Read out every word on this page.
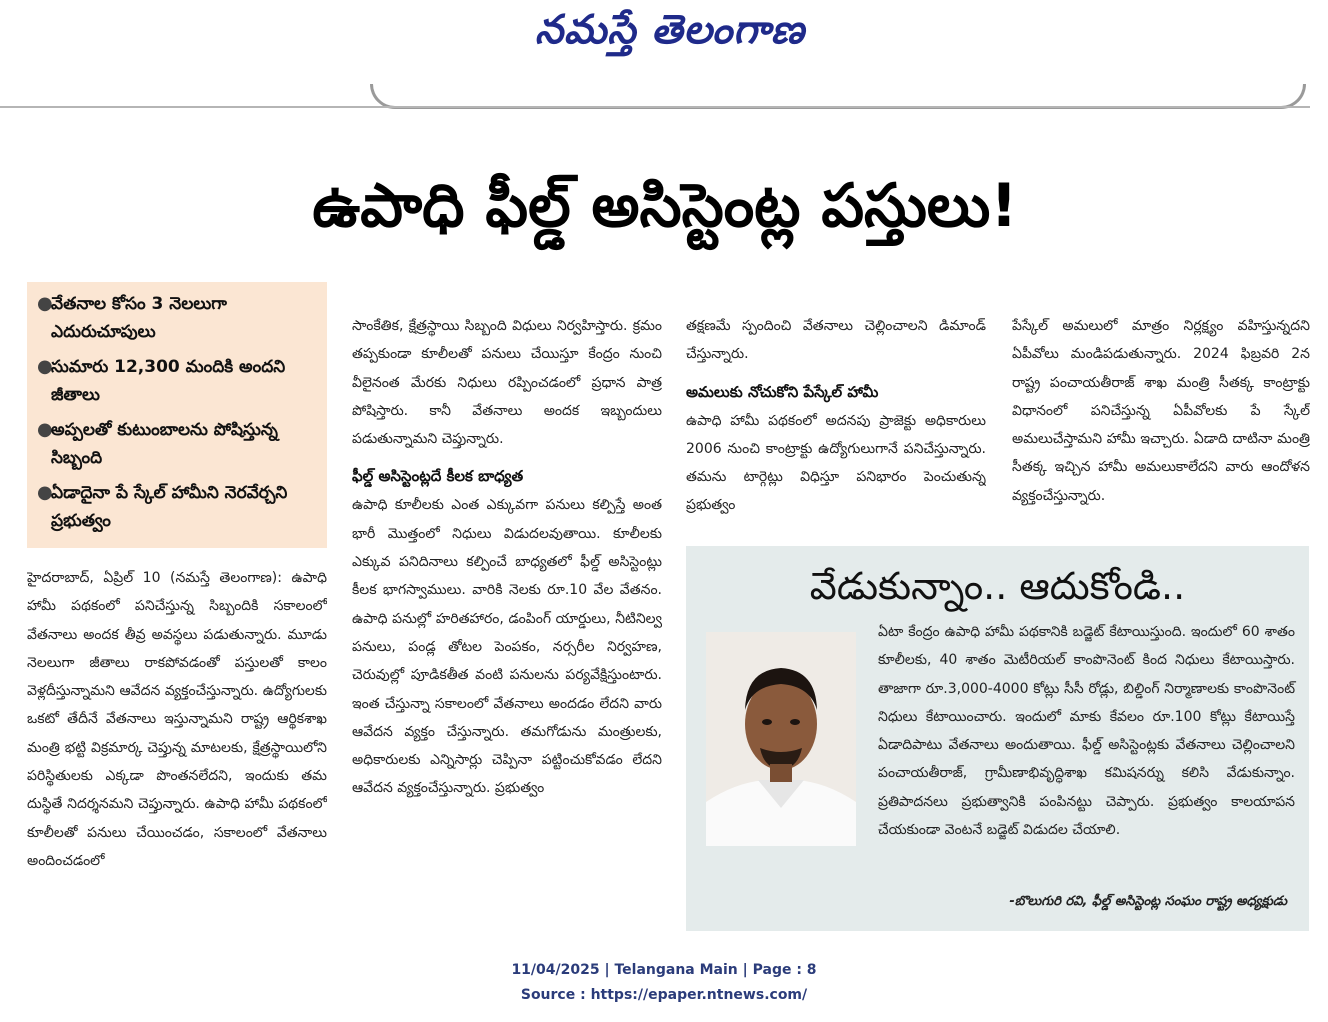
నమస్తే తెలంగాణ
ఉపాధి ఫీల్డ్ అసిస్టెంట్ల పస్తులు!
●
వేతనాల కోసం 3 నెలలుగా ఎదురుచూపులు
●
సుమారు 12,300 మందికి అందని జీతాలు
●
అప్పలతో కుటుంబాలను పోషిస్తున్న సిబ్బంది
●
ఏడాదైనా పే స్కేల్ హామీని నెరవేర్చని ప్రభుత్వం

హైదరాబాద్, ఏప్రిల్ 10 (నమస్తే తెలంగాణ): ఉపాధి హామీ పథకంలో పనిచేస్తున్న సిబ్బందికి సకాలంలో వేతనాలు అందక తీవ్ర అవస్థలు పడుతున్నారు. మూడు నెలలుగా జీతాలు రాకపోవడంతో పస్తులతో కాలం వెళ్లదీస్తున్నామని ఆవేదన వ్యక్తంచేస్తున్నారు. ఉద్యోగులకు ఒకటో తేదీనే వేతనాలు ఇస్తున్నామని రాష్ట్ర ఆర్థికశాఖ మంత్రి భట్టి విక్రమార్క చెప్తున్న మాటలకు, క్షేత్రస్థాయిలోని పరిస్థితులకు ఎక్కడా పొంతనలేదని, ఇందుకు తమ దుస్థితే నిదర్శనమని చెప్తున్నారు. ఉపాధి హామీ పథకంలో కూలీలతో పనులు చేయించడం, సకాలంలో వేతనాలు అందించడంలో

సాంకేతిక, క్షేత్రస్థాయి సిబ్బంది విధులు నిర్వహిస్తారు. క్రమం తప్పకుండా కూలీలతో పనులు చేయిస్తూ కేంద్రం నుంచి వీలైనంత మేరకు నిధులు రప్పించడంలో ప్రధాన పాత్ర పోషిస్తారు. కానీ వేతనాలు అందక ఇబ్బందులు పడుతున్నామని చెప్తున్నారు.

ఫీల్డ్ అసిస్టెంట్లదే కీలక బాధ్యత

ఉపాధి కూలీలకు ఎంత ఎక్కువగా పనులు కల్పిస్తే అంత భారీ మొత్తంలో నిధులు విడుదలవుతాయి. కూలీలకు ఎక్కువ పనిదినాలు కల్పించే బాధ్యతలో ఫీల్డ్ అసిస్టెంట్లు కీలక భాగస్వాములు. వారికి నెలకు రూ.10 వేల వేతనం. ఉపాధి పనుల్లో హరితహారం, డంపింగ్ యార్డులు, నీటినిల్వ పనులు, పండ్ల తోటల పెంపకం, నర్సరీల నిర్వహణ, చెరువుల్లో పూడికతీత వంటి పనులను పర్యవేక్షిస్తుంటారు. ఇంత చేస్తున్నా సకాలంలో వేతనాలు అందడం లేదని వారు ఆవేదన వ్యక్తం చేస్తున్నారు. తమగోడును మంత్రులకు, అధికారులకు ఎన్నిసార్లు చెప్పినా పట్టించుకోవడం లేదని ఆవేదన వ్యక్తంచేస్తున్నారు. ప్రభుత్వం

తక్షణమే స్పందించి వేతనాలు చెల్లించాలని డిమాండ్ చేస్తున్నారు.

అమలుకు నోచుకోని పేస్కేల్ హామీ

ఉపాధి హామీ పథకంలో అదనపు ప్రాజెక్టు అధికారులు 2006 నుంచి కాంట్రాక్టు ఉద్యోగులుగానే పనిచేస్తున్నారు. తమను టార్గెట్లు విధిస్తూ పనిభారం పెంచుతున్న ప్రభుత్వం

పేస్కేల్ అమలులో మాత్రం నిర్లక్ష్యం వహిస్తున్నదని ఏపీవోలు మండిపడుతున్నారు. 2024 ఫిబ్రవరి 2న రాష్ట్ర పంచాయతీరాజ్ శాఖ మంత్రి సీతక్క కాంట్రాక్టు విధానంలో పనిచేస్తున్న ఏపీవోలకు పే స్కేల్ అమలుచేస్తామని హామీ ఇచ్చారు. ఏడాది దాటినా మంత్రి సీతక్క ఇచ్చిన హామీ అమలుకాలేదని వారు ఆందోళన వ్యక్తంచేస్తున్నారు.

వేడుకున్నాం.. ఆదుకోండి..
ఏటా కేంద్రం ఉపాధి హామీ పథకానికి బడ్జెట్ కేటాయిస్తుంది. ఇందులో 60 శాతం కూలీలకు, 40 శాతం మెటీరియల్ కాంపొనెంట్ కింద నిధులు కేటాయిస్తారు. తాజాగా రూ.3,000-4000 కోట్లు సీసీ రోడ్లు, బిల్డింగ్ నిర్మాణాలకు కాంపొనెంట్ నిధులు కేటాయించారు. ఇందులో మాకు కేవలం రూ.100 కోట్లు కేటాయిస్తే ఏడాదిపాటు వేతనాలు అందుతాయి. ఫీల్డ్ అసిస్టెంట్లకు వేతనాలు చెల్లించాలని పంచాయతీరాజ్, గ్రామీణాభివృద్ధిశాఖ కమిషనర్ను కలిసి వేడుకున్నాం. ప్రతిపాదనలు ప్రభుత్వానికి పంపినట్టు చెప్పారు. ప్రభుత్వం కాలయాపన చేయకుండా వెంటనే బడ్జెట్ విడుదల చేయాలి.
-బొలుగురి రవి, ఫీల్డ్ అసిస్టెంట్ల సంఘం రాష్ట్ర అధ్యక్షుడు
11/04/2025 | Telangana Main | Page : 8
Source : https://epaper.ntnews.com/
